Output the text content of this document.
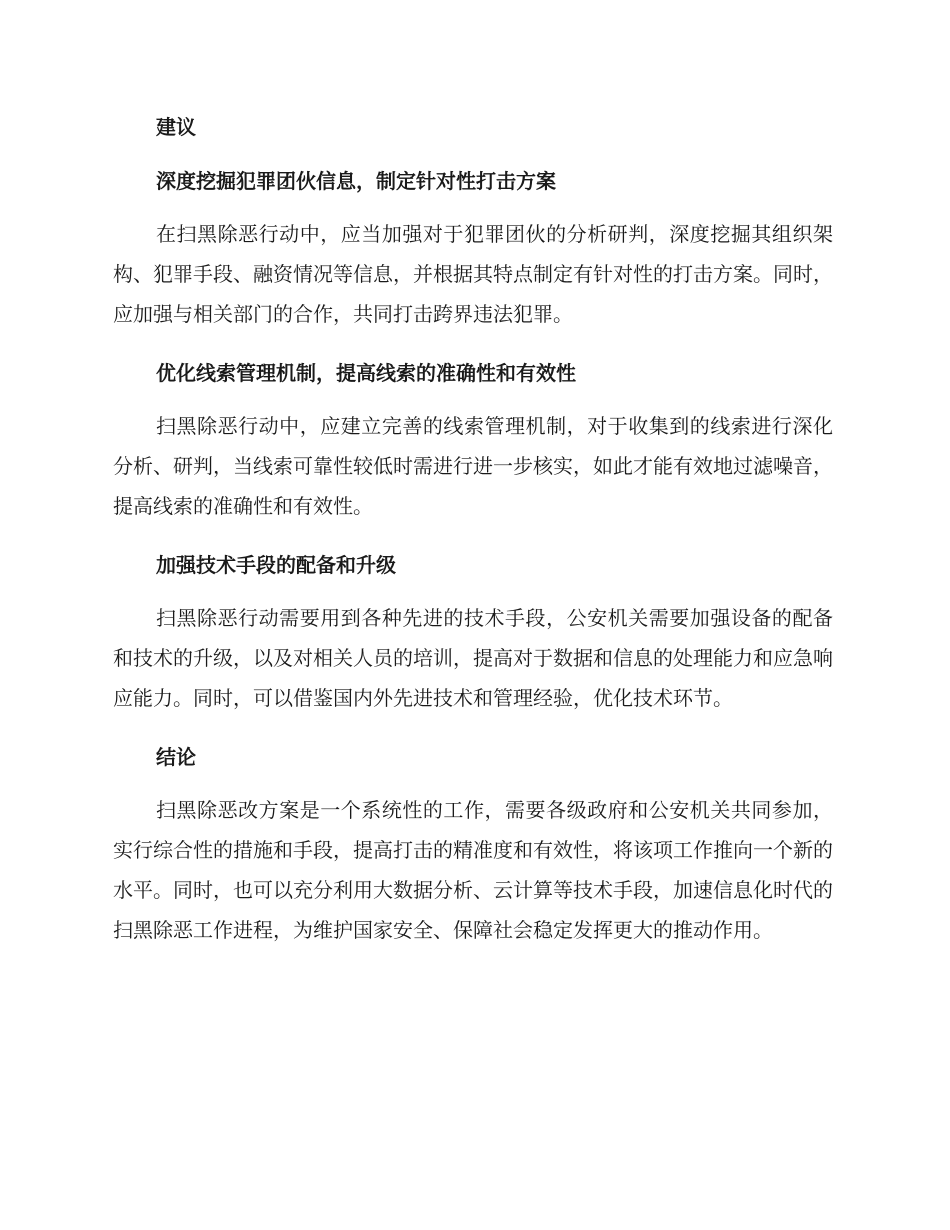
建议
深度挖掘犯罪团伙信息，制定针对性打击方案

在扫黑除恶行动中，应当加强对于犯罪团伙的分析研判，深度挖掘其组织架构、犯罪手段、融资情况等信息，并根据其特点制定有针对性的打击方案。同时，应加强与相关部门的合作，共同打击跨界违法犯罪。

优化线索管理机制，提高线索的准确性和有效性

扫黑除恶行动中，应建立完善的线索管理机制，对于收集到的线索进行深化分析、研判，当线索可靠性较低时需进行进一步核实，如此才能有效地过滤噪音，提高线索的准确性和有效性。

加强技术手段的配备和升级

扫黑除恶行动需要用到各种先进的技术手段，公安机关需要加强设备的配备和技术的升级，以及对相关人员的培训，提高对于数据和信息的处理能力和应急响应能力。同时，可以借鉴国内外先进技术和管理经验，优化技术环节。

结论

扫黑除恶改方案是一个系统性的工作，需要各级政府和公安机关共同参加，实行综合性的措施和手段，提高打击的精准度和有效性，将该项工作推向一个新的水平。同时，也可以充分利用大数据分析、云计算等技术手段，加速信息化时代的扫黑除恶工作进程，为维护国家安全、保障社会稳定发挥更大的推动作用。
